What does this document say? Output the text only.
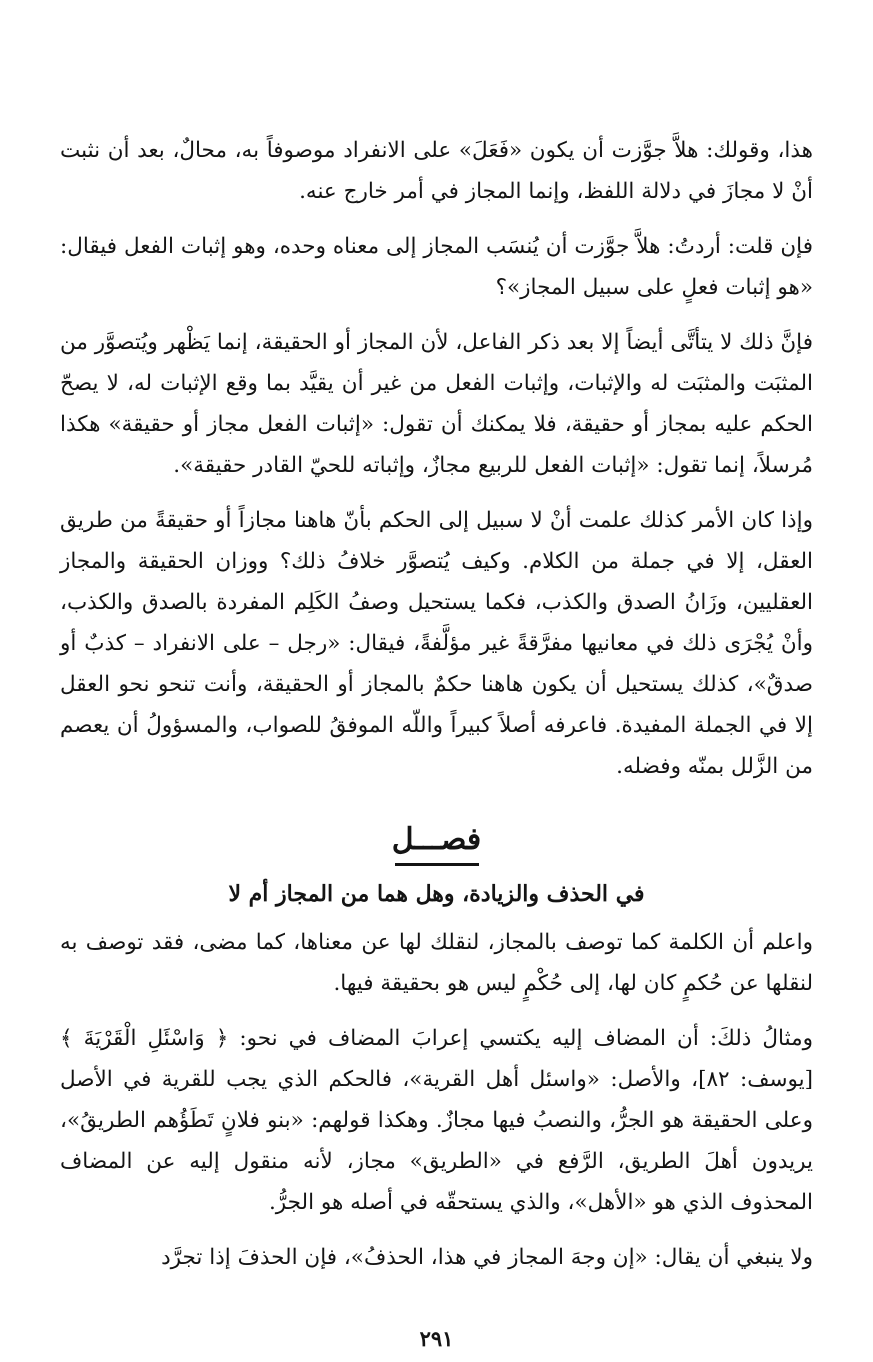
هذا، وقولك: هلاَّ جوَّزت أن يكون «فَعَلَ» على الانفراد موصوفاً به، محالٌ، بعد أن نثبت أنْ لا مجازَ في دلالة اللفظ، وإنما المجاز في أمر خارج عنه.

فإن قلت: أردتُ: هلاَّ جوَّزت أن يُنسَب المجاز إلى معناه وحده، وهو إثبات الفعل فيقال: «هو إثبات فعلٍ على سبيل المجاز»؟

فإنَّ ذلك لا يتأتَّى أيضاً إلا بعد ذكر الفاعل، لأن المجاز أو الحقيقة، إنما يَظْهر ويُتصوَّر من المثبَت والمثبَت له والإثبات، وإثبات الفعل من غير أن يقيَّد بما وقع الإثبات له، لا يصحّ الحكم عليه بمجاز أو حقيقة، فلا يمكنك أن تقول: «إثبات الفعل مجاز أو حقيقة» هكذا مُرسلاً، إنما تقول: «إثبات الفعل للربيع مجازٌ، وإثباته للحيّ القادر حقيقة».

وإذا كان الأمر كذلك علمت أنْ لا سبيل إلى الحكم بأنّ هاهنا مجازاً أو حقيقةً من طريق العقل، إلا في جملة من الكلام. وكيف يُتصوَّر خلافُ ذلك؟ ووزان الحقيقة والمجاز العقليين، وزَانُ الصدق والكذب، فكما يستحيل وصفُ الكَلِم المفردة بالصدق والكذب، وأنْ يُجْرَى ذلك في معانيها مفرَّقةً غير مؤلَّفةً، فيقال: «رجل – على الانفراد – كذبٌ أو صدقٌ»، كذلك يستحيل أن يكون هاهنا حكمٌ بالمجاز أو الحقيقة، وأنت تنحو نحو العقل إلا في الجملة المفيدة. فاعرفه أصلاً كبيراً واللّه الموفقُ للصواب، والمسؤولُ أن يعصم من الزَّلل بمنّه وفضله.

فصـــل
في الحذف والزيادة، وهل هما من المجاز أم لا

واعلم أن الكلمة كما توصف بالمجاز، لنقلك لها عن معناها، كما مضى، فقد توصف به لنقلها عن حُكمٍ كان لها، إلى حُكْمٍ ليس هو بحقيقة فيها.

ومثالُ ذلكَ: أن المضاف إليه يكتسي إعرابَ المضاف في نحو: ﴿ وَاسْئَلِ الْقَرْيَةَ ﴾ [يوسف: ٨٢]، والأصل: «واسئل أهل القرية»، فالحكم الذي يجب للقرية في الأصل وعلى الحقيقة هو الجرُّ، والنصبُ فيها مجازٌ. وهكذا قولهم: «بنو فلانٍ تَطَؤُهم الطريقُ»، يريدون أهلَ الطريق، الرَّفع في «الطريق» مجاز، لأنه منقول إليه عن المضاف المحذوف الذي هو «الأهل»، والذي يستحقّه في أصله هو الجرُّ.

ولا ينبغي أن يقال: «إن وجهَ المجاز في هذا، الحذفُ»، فإن الحذفَ إذا تجرَّد

٢٩١
